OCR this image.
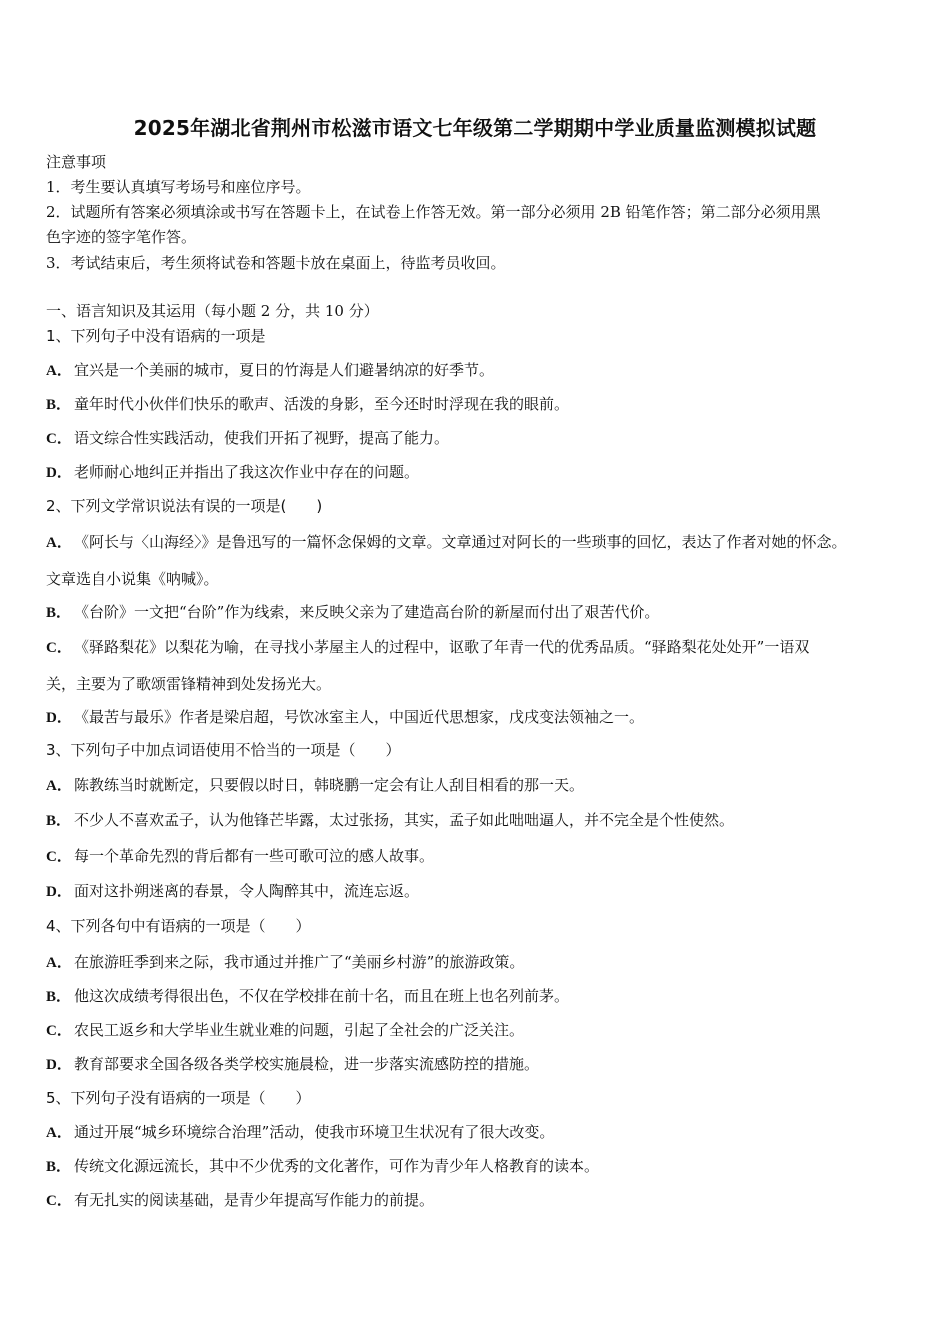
2025年湖北省荆州市松滋市语文七年级第二学期期中学业质量监测模拟试题
注意事项
1．考生要认真填写考场号和座位序号。
2．试题所有答案必须填涂或书写在答题卡上，在试卷上作答无效。第一部分必须用 2B 铅笔作答；第二部分必须用黑
色字迹的签字笔作答。
3．考试结束后，考生须将试卷和答题卡放在桌面上，待监考员收回。
一、语言知识及其运用（每小题 2 分，共 10 分）
1、下列句子中没有语病的一项是
A． 宜兴是一个美丽的城市，夏日的竹海是人们避暑纳凉的好季节。
B． 童年时代小伙伴们快乐的歌声、活泼的身影，至今还时时浮现在我的眼前。
C． 语文综合性实践活动，使我们开拓了视野，提高了能力。
D． 老师耐心地纠正并指出了我这次作业中存在的问题。
2、下列文学常识说法有误的一项是(　　)
A． 《阿长与〈山海经〉》是鲁迅写的一篇怀念保姆的文章。文章通过对阿长的一些琐事的回忆，表达了作者对她的怀念。
文章选自小说集《呐喊》。
B． 《台阶》一文把“台阶”作为线索，来反映父亲为了建造高台阶的新屋而付出了艰苦代价。
C． 《驿路梨花》以梨花为喻，在寻找小茅屋主人的过程中，讴歌了年青一代的优秀品质。“驿路梨花处处开”一语双
关，主要为了歌颂雷锋精神到处发扬光大。
D． 《最苦与最乐》作者是梁启超，号饮冰室主人，中国近代思想家，戊戌变法领袖之一。
3、下列句子中加点词语使用不恰当的一项是（　　）
A． 陈教练当时就断定，只要假以时日，韩晓鹏一定会有让人刮目相看的那一天。
B． 不少人不喜欢孟子，认为他锋芒毕露，太过张扬，其实，孟子如此咄咄逼人，并不完全是个性使然。
C． 每一个革命先烈的背后都有一些可歌可泣的感人故事。
D． 面对这扑朔迷离的春景，令人陶醉其中，流连忘返。
4、下列各句中有语病的一项是（　　）
A． 在旅游旺季到来之际，我市通过并推广了“美丽乡村游”的旅游政策。
B． 他这次成绩考得很出色，不仅在学校排在前十名，而且在班上也名列前茅。
C． 农民工返乡和大学毕业生就业难的问题，引起了全社会的广泛关注。
D． 教育部要求全国各级各类学校实施晨检，进一步落实流感防控的措施。
5、下列句子没有语病的一项是（　　）
A． 通过开展“城乡环境综合治理”活动，使我市环境卫生状况有了很大改变。
B． 传统文化源远流长，其中不少优秀的文化著作，可作为青少年人格教育的读本。
C． 有无扎实的阅读基础，是青少年提高写作能力的前提。
